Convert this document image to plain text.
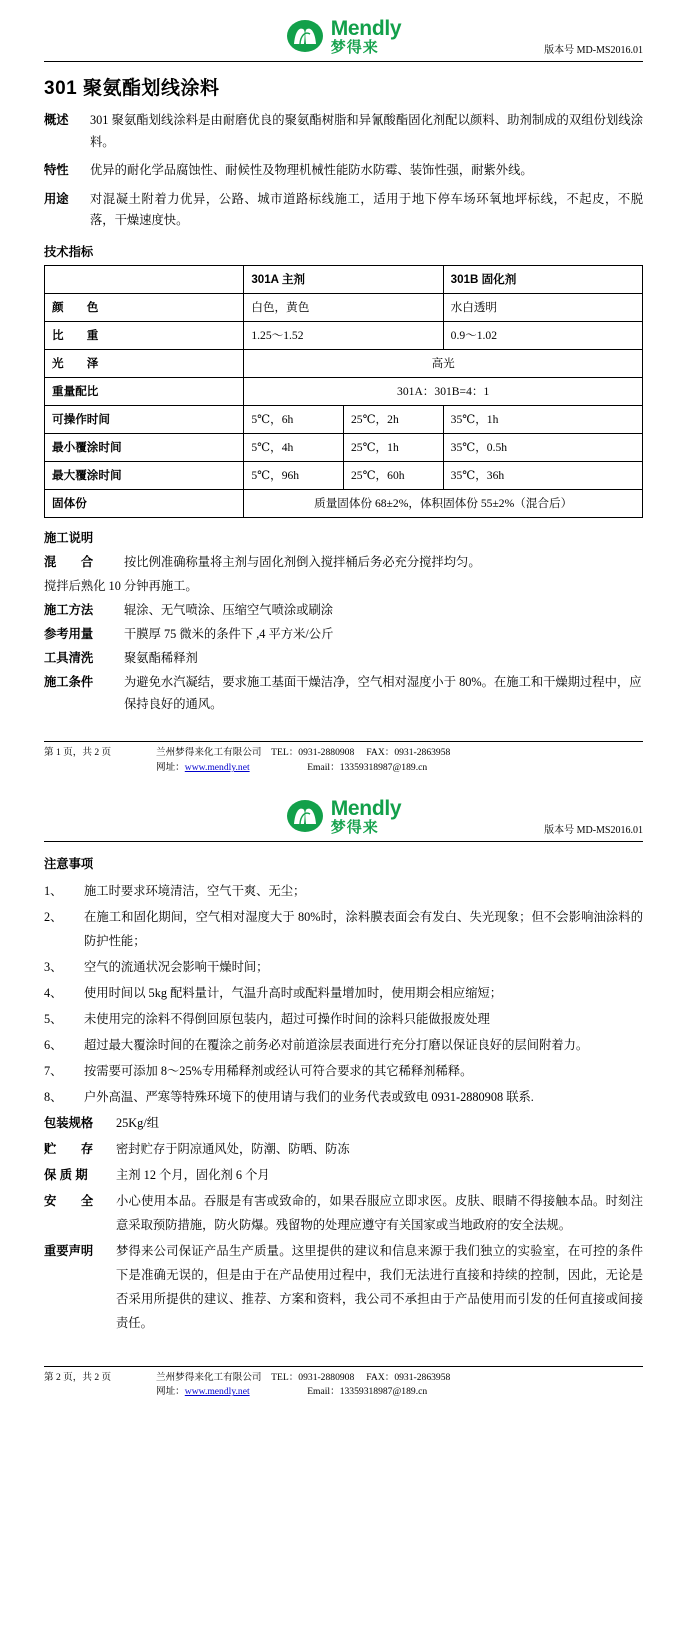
Mendly
梦得来	版本号 MD-MS2016.01
301 聚氨酯划线涂料
概述	301 聚氨酯划线涂料是由耐磨优良的聚氨酯树脂和异氰酸酯固化剂配以颜料、助剂制成的双组份划线涂料。
特性	优异的耐化学品腐蚀性、耐候性及物理机械性能防水防霉、装饰性强，耐紫外线。
用途	对混凝土附着力优异，公路、城市道路标线施工，适用于地下停车场环氧地坪标线，不起皮，不脱落，干燥速度快。
技术指标
	301A 主剂		301B 固化剂
颜　　色	白色，黄色		水白透明
比　　重	1.25～1.52		0.9～1.02
光　　泽	高光		
重量配比	301A：301B=4：1		
可操作时间	5℃，6h	25℃，2h	35℃，1h
最小覆涂时间	5℃，4h	25℃，1h	35℃，0.5h
最大覆涂时间	5℃，96h	25℃，60h	35℃，36h
固体份	质量固体份 68±2%，体积固体份 55±2%（混合后）		
施工说明
混　　合	按比例准确称量将主剂与固化剂倒入搅拌桶后务必充分搅拌均匀。
搅拌后熟化 10 分钟再施工。
施工方法	辊涂、无气喷涂、压缩空气喷涂或刷涂
参考用量	干膜厚 75 微米的条件下 ,4 平方米/公斤
工具清洗	聚氨酯稀释剂
施工条件	为避免水汽凝结，要求施工基面干燥洁净，空气相对湿度小于 80%。在施工和干燥期过程中，应保持良好的通风。
第 1 页，共 2 页	兰州梦得来化工有限公司 TEL：0931-2880908 FAX：0931-2863958
网址：www.mendly.net	Email：13359318987@189.cn
Mendly
梦得来	版本号 MD-MS2016.01
注意事项
1、	施工时要求环境清洁，空气干爽、无尘；
2、	在施工和固化期间，空气相对湿度大于 80%时，涂料膜表面会有发白、失光现象；但不会影响油涂料的防护性能；
3、	空气的流通状况会影响干燥时间；
4、	使用时间以 5kg 配料量计，气温升高时或配料量增加时，使用期会相应缩短；
5、	未使用完的涂料不得倒回原包装内，超过可操作时间的涂料只能做报废处理
6、	超过最大覆涂时间的在覆涂之前务必对前道涂层表面进行充分打磨以保证良好的层间附着力。
7、	按需要可添加 8～25%专用稀释剂或经认可符合要求的其它稀释剂稀释。
8、	户外高温、严寒等特殊环境下的使用请与我们的业务代表或致电 0931-2880908 联系.
包装规格	25Kg/组
贮　　存	密封贮存于阴凉通风处，防潮、防晒、防冻
保 质 期	主剂 12 个月，固化剂 6 个月
安　　全	小心使用本品。吞服是有害或致命的，如果吞服应立即求医。皮肤、眼睛不得接触本品。时刻注意采取预防措施，防火防爆。残留物的处理应遵守有关国家或当地政府的安全法规。
重要声明	梦得来公司保证产品生产质量。这里提供的建议和信息来源于我们独立的实验室，在可控的条件下是准确无误的，但是由于在产品使用过程中，我们无法进行直接和持续的控制，因此，无论是否采用所提供的建议、推荐、方案和资料，我公司不承担由于产品使用而引发的任何直接或间接责任。
第 2 页，共 2 页	兰州梦得来化工有限公司 TEL：0931-2880908 FAX：0931-2863958
网址：www.mendly.net	Email：13359318987@189.cn
